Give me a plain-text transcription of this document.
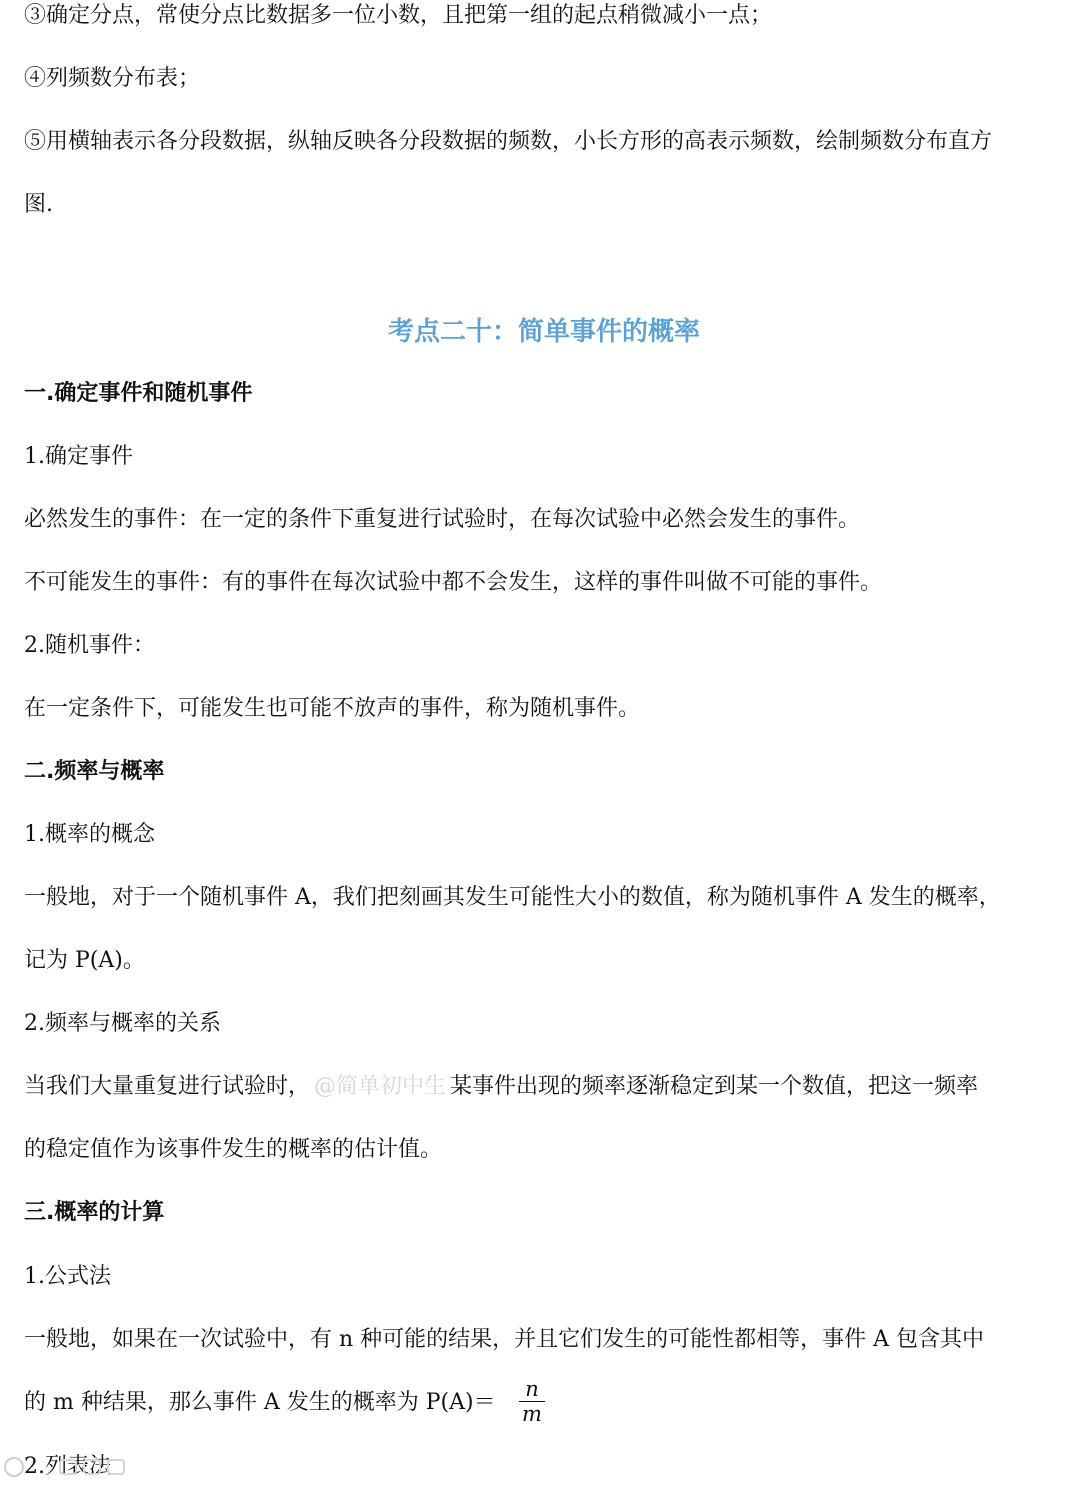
③确定分点，常使分点比数据多一位小数，且把第一组的起点稍微减小一点；
④列频数分布表；
⑤用横轴表示各分段数据，纵轴反映各分段数据的频数，小长方形的高表示频数，绘制频数分布直方
图.
考点二十：简单事件的概率
一.确定事件和随机事件
1.确定事件
必然发生的事件：在一定的条件下重复进行试验时，在每次试验中必然会发生的事件。
不可能发生的事件：有的事件在每次试验中都不会发生，这样的事件叫做不可能的事件。
2.随机事件：
在一定条件下，可能发生也可能不放声的事件，称为随机事件。
二.频率与概率
1.概率的概念
一般地，对于一个随机事件 A，我们把刻画其发生可能性大小的数值，称为随机事件 A 发生的概率，
记为 P(A)。
2.频率与概率的关系
当我们大量重复进行试验时， @简单初中生 某事件出现的频率逐渐稳定到某一个数值，把这一频率
的稳定值作为该事件发生的概率的估计值。
三.概率的计算
1.公式法
一般地，如果在一次试验中，有 n 种可能的结果，并且它们发生的可能性都相等，事件 A 包含其中
的 m 种结果，那么事件 A 发生的概率为 P(A)＝
n
m
2.列表法
